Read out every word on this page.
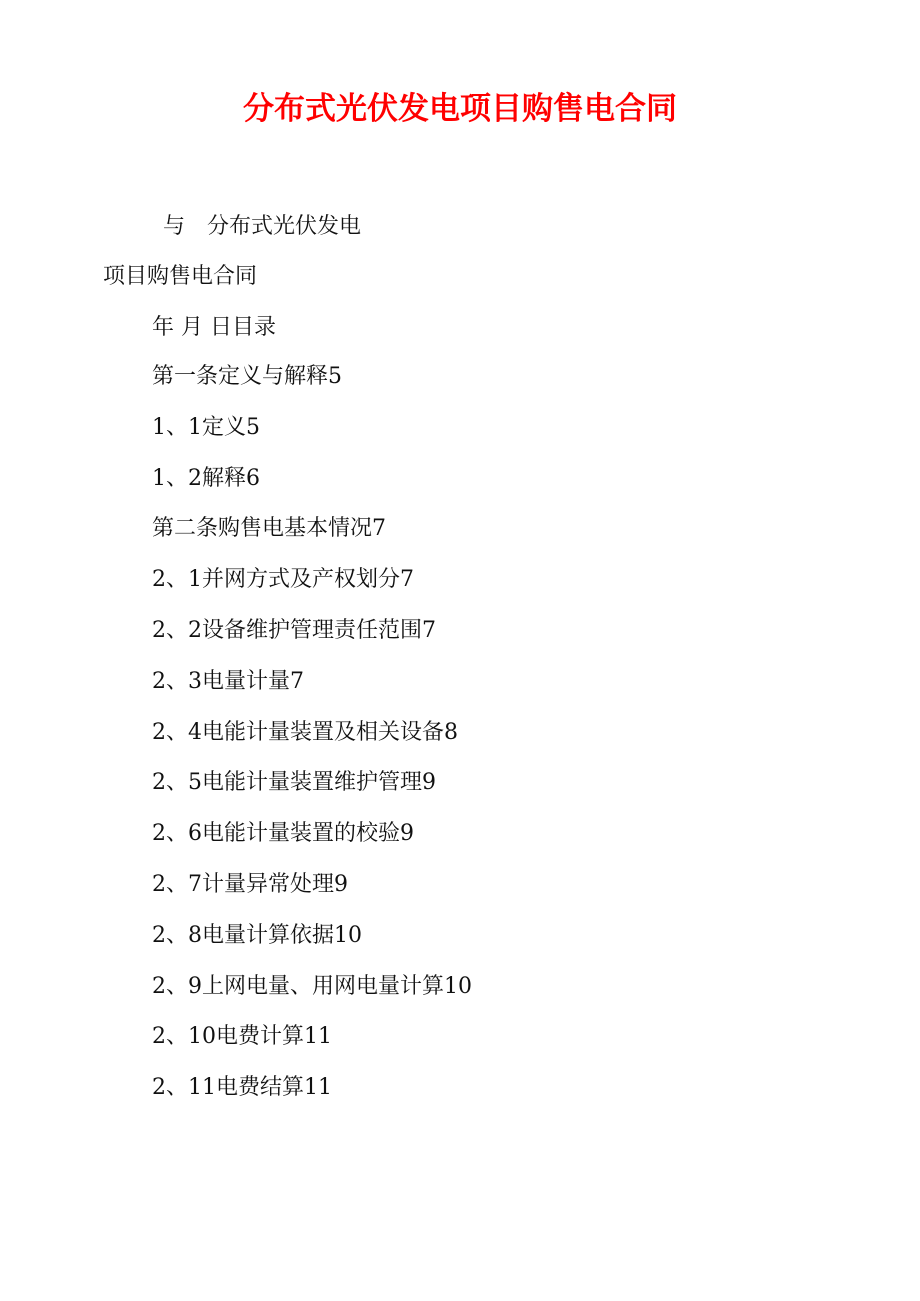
分布式光伏发电项目购售电合同

与　分布式光伏发电

项目购售电合同

年 月 日目录

第一条定义与解释5
1、1定义5
1、2解释6
第二条购售电基本情况7
2、1并网方式及产权划分7
2、2设备维护管理责任范围7
2、3电量计量7
2、4电能计量装置及相关设备8
2、5电能计量装置维护管理9
2、6电能计量装置的校验9
2、7计量异常处理9
2、8电量计算依据10
2、9上网电量、用网电量计算10
2、10电费计算11
2、11电费结算11
